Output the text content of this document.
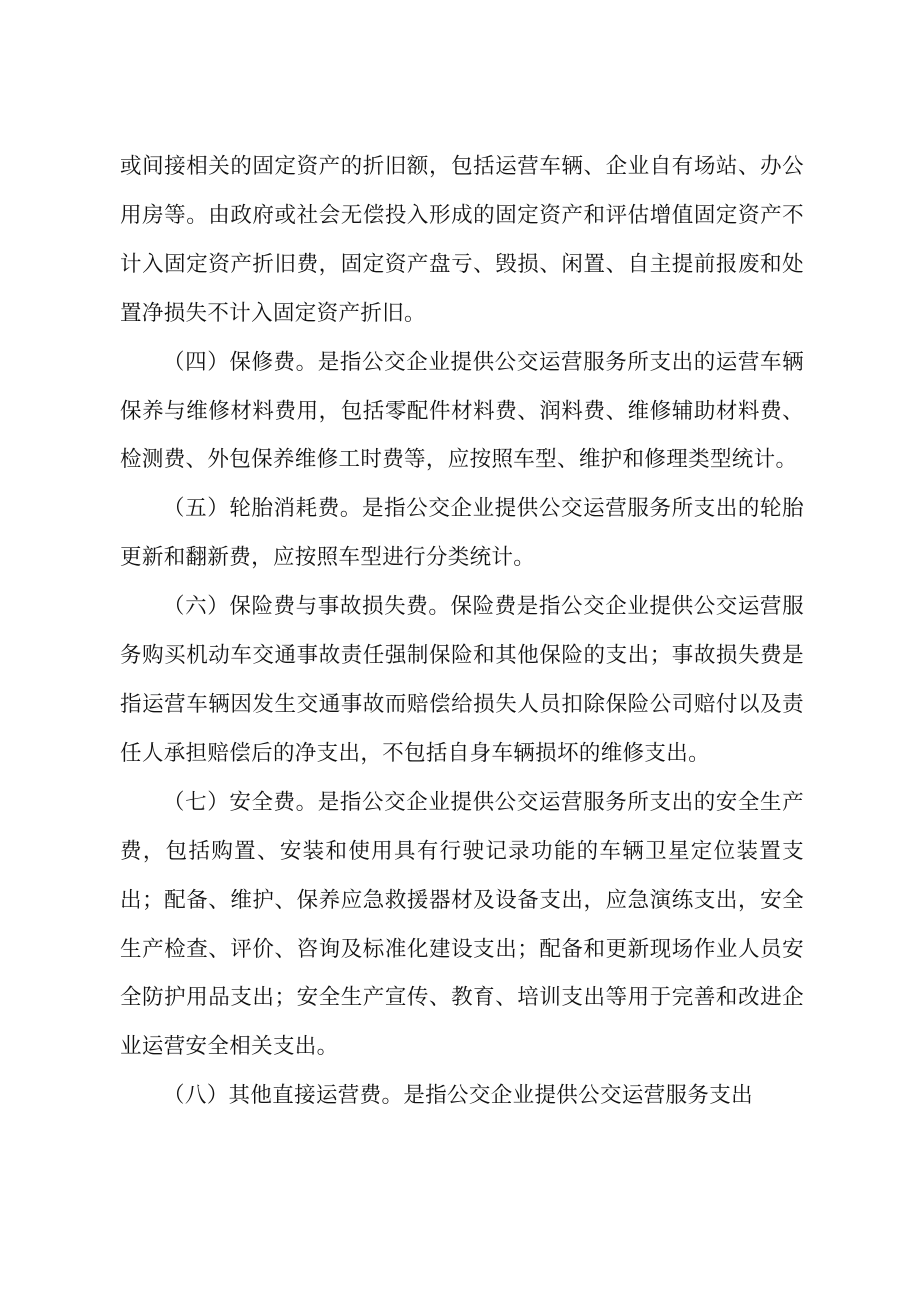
或间接相关的固定资产的折旧额，包括运营车辆、企业自有场站、办公用房等。由政府或社会无偿投入形成的固定资产和评估增值固定资产不计入固定资产折旧费，固定资产盘亏、毁损、闲置、自主提前报废和处置净损失不计入固定资产折旧。

（四）保修费。是指公交企业提供公交运营服务所支出的运营车辆保养与维修材料费用，包括零配件材料费、润料费、维修辅助材料费、检测费、外包保养维修工时费等，应按照车型、维护和修理类型统计。

（五）轮胎消耗费。是指公交企业提供公交运营服务所支出的轮胎更新和翻新费，应按照车型进行分类统计。

（六）保险费与事故损失费。保险费是指公交企业提供公交运营服务购买机动车交通事故责任强制保险和其他保险的支出；事故损失费是指运营车辆因发生交通事故而赔偿给损失人员扣除保险公司赔付以及责任人承担赔偿后的净支出，不包括自身车辆损坏的维修支出。

（七）安全费。是指公交企业提供公交运营服务所支出的安全生产费，包括购置、安装和使用具有行驶记录功能的车辆卫星定位装置支出；配备、维护、保养应急救援器材及设备支出，应急演练支出，安全生产检查、评价、咨询及标准化建设支出；配备和更新现场作业人员安全防护用品支出；安全生产宣传、教育、培训支出等用于完善和改进企业运营安全相关支出。

（八）其他直接运营费。是指公交企业提供公交运营服务支出
